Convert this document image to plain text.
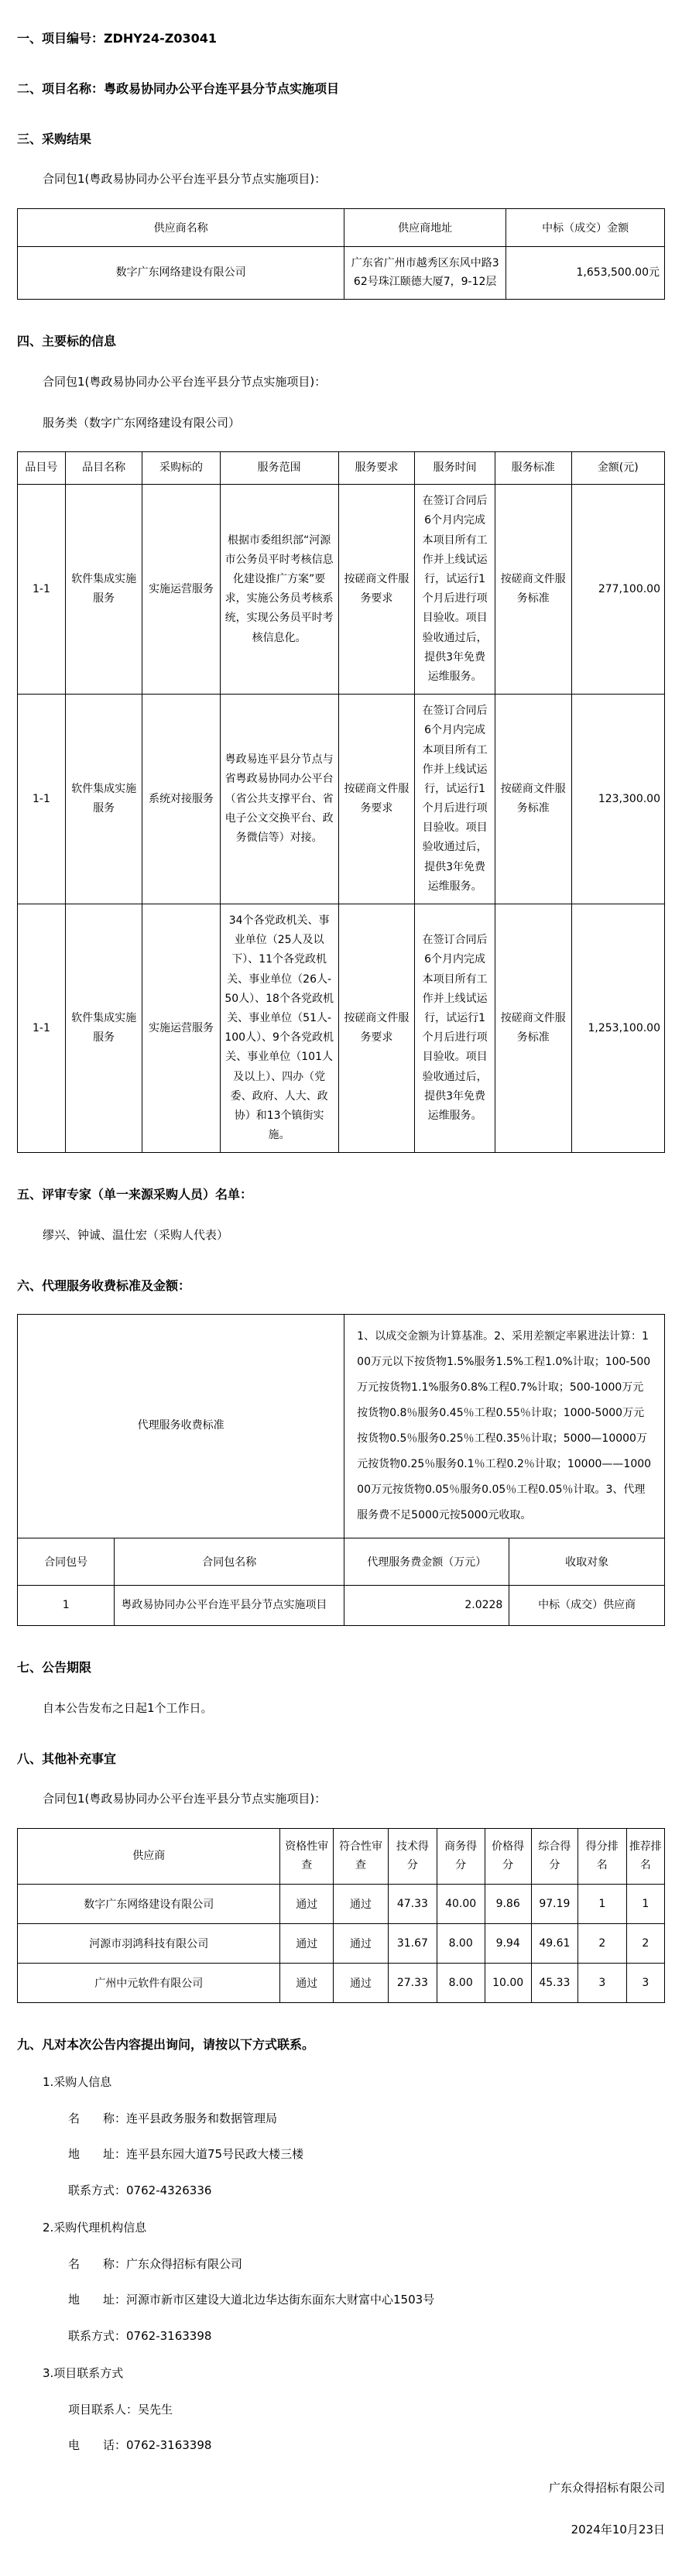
一、项目编号：ZDHY24-Z03041
二、项目名称：粤政易协同办公平台连平县分节点实施项目
三、采购结果
合同包1(粤政易协同办公平台连平县分节点实施项目)：
供应商名称	供应商地址	中标（成交）金额
数字广东网络建设有限公司	广东省广州市越秀区东风中路362号珠江颐德大厦7，9-12层	1,653,500.00元
四、主要标的信息
合同包1(粤政易协同办公平台连平县分节点实施项目)：
服务类（数字广东网络建设有限公司）
品目号	品目名称	采购标的	服务范围	服务要求	服务时间	服务标准	金额(元)
1-1	软件集成实施服务	实施运营服务	根据市委组织部“河源市公务员平时考核信息化建设推广方案”要求，实施公务员考核系统，实现公务员平时考核信息化。	按磋商文件服务要求	在签订合同后6个月内完成本项目所有工作并上线试运行，试运行1个月后进行项目验收。项目验收通过后，提供3年免费运维服务。	按磋商文件服务标准	277,100.00
1-1	软件集成实施服务	系统对接服务	粤政易连平县分节点与省粤政易协同办公平台（省公共支撑平台、省电子公文交换平台、政务微信等）对接。	按磋商文件服务要求	在签订合同后6个月内完成本项目所有工作并上线试运行，试运行1个月后进行项目验收。项目验收通过后，提供3年免费运维服务。	按磋商文件服务标准	123,300.00
1-1	软件集成实施服务	实施运营服务	34个各党政机关、事业单位（25人及以下）、11个各党政机关、事业单位（26人-50人）、18个各党政机关、事业单位（51人-100人）、9个各党政机关、事业单位（101人及以上）、四办（党委、政府、人大、政协）和13个镇街实施。	按磋商文件服务要求	在签订合同后6个月内完成本项目所有工作并上线试运行，试运行1个月后进行项目验收。项目验收通过后，提供3年免费运维服务。	按磋商文件服务标准	1,253,100.00
五、评审专家（单一来源采购人员）名单：
缪兴、钟诚、温仕宏（采购人代表）
六、代理服务收费标准及金额：
代理服务收费标准		1、以成交金额为计算基准。2、采用差额定率累进法计算：100万元以下按货物1.5%服务1.5%工程1.0%计取；100-500万元按货物1.1%服务0.8%工程0.7%计取；500-1000万元按货物0.8％服务0.45％工程0.55％计取；1000-5000万元按货物0.5％服务0.25％工程0.35％计取；5000—10000万元按货物0.25％服务0.1％工程0.2％计取；10000——100000万元按货物0.05％服务0.05％工程0.05％计取。3、代理服务费不足5000元按5000元收取。	
合同包号	合同包名称	代理服务费金额（万元）	收取对象
1	粤政易协同办公平台连平县分节点实施项目	2.0228	中标（成交）供应商
七、公告期限
自本公告发布之日起1个工作日。
八、其他补充事宜
合同包1(粤政易协同办公平台连平县分节点实施项目)：
供应商	资格性审查	符合性审查	技术得分	商务得分	价格得分	综合得分	得分排名	推荐排名
数字广东网络建设有限公司	通过	通过	47.33	40.00	9.86	97.19	1	1
河源市羽鸿科技有限公司	通过	通过	31.67	8.00	9.94	49.61	2	2
广州中元软件有限公司	通过	通过	27.33	8.00	10.00	45.33	3	3
九、凡对本次公告内容提出询问，请按以下方式联系。
1.采购人信息
名　　称：连平县政务服务和数据管理局
地　　址：连平县东园大道75号民政大楼三楼
联系方式：0762-4326336
2.采购代理机构信息
名　　称：广东众得招标有限公司
地　　址：河源市新市区建设大道北边华达街东面东大财富中心1503号
联系方式：0762-3163398
3.项目联系方式
项目联系人：吴先生
电　　话：0762-3163398
广东众得招标有限公司
2024年10月23日
